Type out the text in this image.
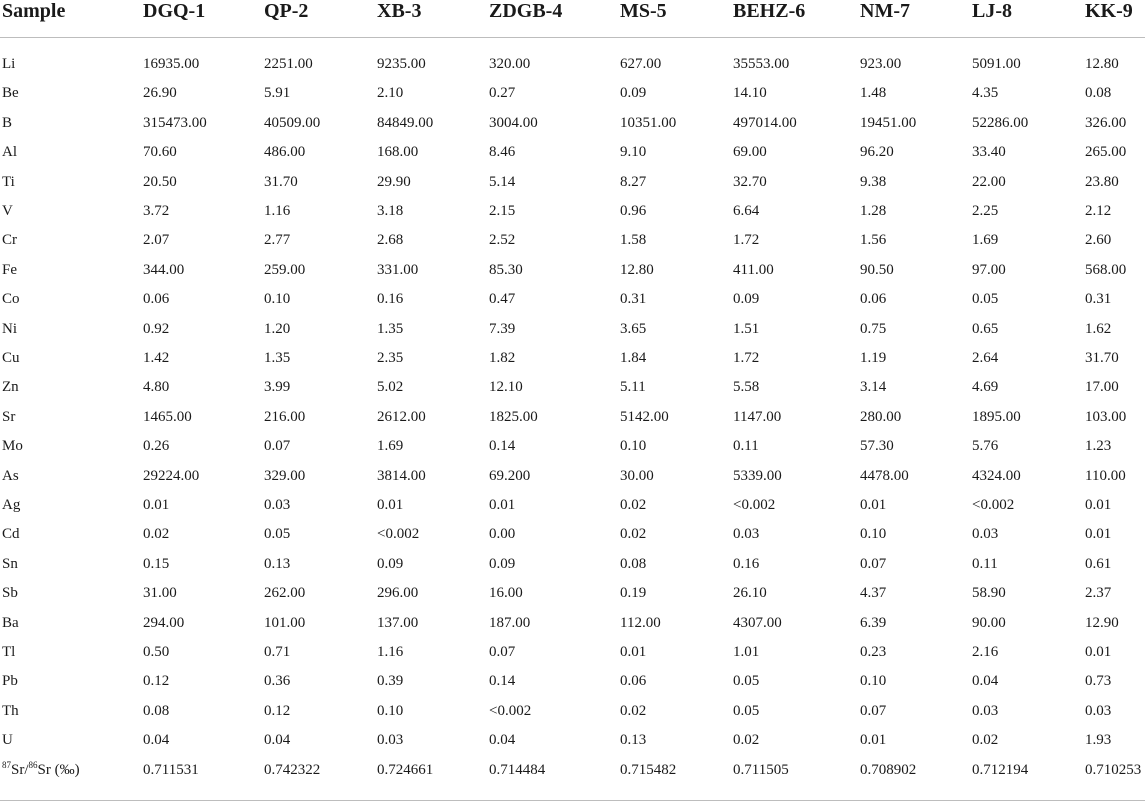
Sample	DGQ-1	QP-2	XB-3	ZDGB-4	MS-5	BEHZ-6	NM-7	LJ-8	KK-9
Li	16935.00	2251.00	9235.00	320.00	627.00	35553.00	923.00	5091.00	12.80
Be	26.90	5.91	2.10	0.27	0.09	14.10	1.48	4.35	0.08
B	315473.00	40509.00	84849.00	3004.00	10351.00	497014.00	19451.00	52286.00	326.00
Al	70.60	486.00	168.00	8.46	9.10	69.00	96.20	33.40	265.00
Ti	20.50	31.70	29.90	5.14	8.27	32.70	9.38	22.00	23.80
V	3.72	1.16	3.18	2.15	0.96	6.64	1.28	2.25	2.12
Cr	2.07	2.77	2.68	2.52	1.58	1.72	1.56	1.69	2.60
Fe	344.00	259.00	331.00	85.30	12.80	411.00	90.50	97.00	568.00
Co	0.06	0.10	0.16	0.47	0.31	0.09	0.06	0.05	0.31
Ni	0.92	1.20	1.35	7.39	3.65	1.51	0.75	0.65	1.62
Cu	1.42	1.35	2.35	1.82	1.84	1.72	1.19	2.64	31.70
Zn	4.80	3.99	5.02	12.10	5.11	5.58	3.14	4.69	17.00
Sr	1465.00	216.00	2612.00	1825.00	5142.00	1147.00	280.00	1895.00	103.00
Mo	0.26	0.07	1.69	0.14	0.10	0.11	57.30	5.76	1.23
As	29224.00	329.00	3814.00	69.200	30.00	5339.00	4478.00	4324.00	110.00
Ag	0.01	0.03	0.01	0.01	0.02	<0.002	0.01	<0.002	0.01
Cd	0.02	0.05	<0.002	0.00	0.02	0.03	0.10	0.03	0.01
Sn	0.15	0.13	0.09	0.09	0.08	0.16	0.07	0.11	0.61
Sb	31.00	262.00	296.00	16.00	0.19	26.10	4.37	58.90	2.37
Ba	294.00	101.00	137.00	187.00	112.00	4307.00	6.39	90.00	12.90
Tl	0.50	0.71	1.16	0.07	0.01	1.01	0.23	2.16	0.01
Pb	0.12	0.36	0.39	0.14	0.06	0.05	0.10	0.04	0.73
Th	0.08	0.12	0.10	<0.002	0.02	0.05	0.07	0.03	0.03
U	0.04	0.04	0.03	0.04	0.13	0.02	0.01	0.02	1.93
$^{87}$Sr/$^{86}$Sr (‰)	0.711531	0.742322	0.724661	0.714484	0.715482	0.711505	0.708902	0.712194	0.710253
